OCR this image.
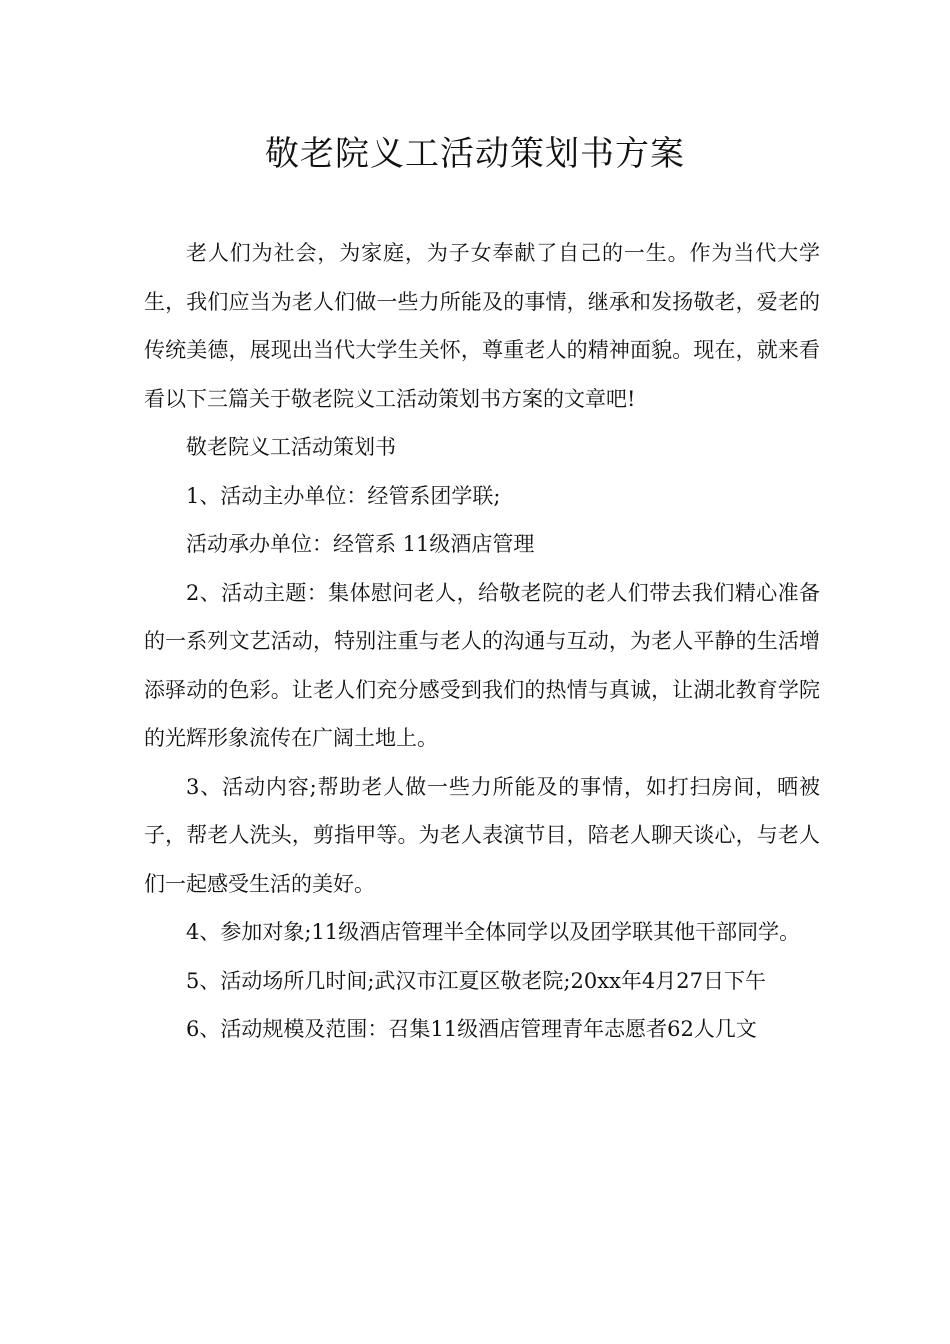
敬老院义工活动策划书方案

老人们为社会，为家庭，为子女奉献了自己的一生。作为当代大学生，我们应当为老人们做一些力所能及的事情，继承和发扬敬老，爱老的传统美德，展现出当代大学生关怀，尊重老人的精神面貌。现在，就来看看以下三篇关于敬老院义工活动策划书方案的文章吧!

敬老院义工活动策划书

1、活动主办单位：经管系团学联;

活动承办单位：经管系 11级酒店管理

2、活动主题：集体慰问老人，给敬老院的老人们带去我们精心准备的一系列文艺活动，特别注重与老人的沟通与互动，为老人平静的生活增添驿动的色彩。让老人们充分感受到我们的热情与真诚，让湖北教育学院的光辉形象流传在广阔土地上。

3、活动内容;帮助老人做一些力所能及的事情，如打扫房间，晒被子，帮老人洗头，剪指甲等。为老人表演节目，陪老人聊天谈心，与老人们一起感受生活的美好。

4、参加对象;11级酒店管理半全体同学以及团学联其他干部同学。

5、活动场所几时间;武汉市江夏区敬老院;20xx年4月27日下午

6、活动规模及范围：召集11级酒店管理青年志愿者62人几文
